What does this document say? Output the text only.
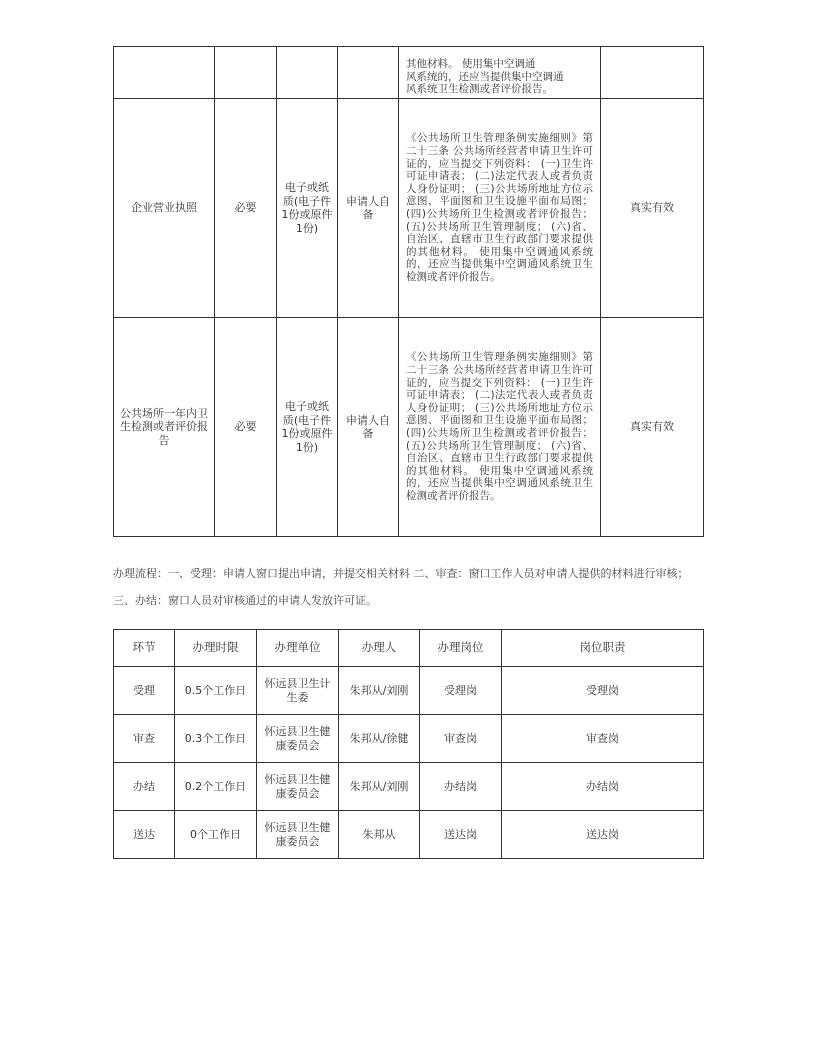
				其他材料。 使用集中空调通
风系统的，还应当提供集中空调通
风系统卫生检测或者评价报告。	

企业营业执照	必要	电子或纸质(电子件1份或原件1份)	申请人自备	《公共场所卫生管理条例实施细则》第二十三条 公共场所经营者申请卫生许可证的，应当提交下列资料： (一)卫生许可证申请表； (二)法定代表人或者负责人身份证明； (三)公共场所地址方位示意图、平面图和卫生设施平面布局图； (四)公共场所卫生检测或者评价报告； (五)公共场所卫生管理制度； (六)省、自治区、直辖市卫生行政部门要求提供的其他材料。 使用集中空调通风系统的，还应当提供集中空调通风系统卫生检测或者评价报告。	真实有效
公共场所一年内卫生检测或者评价报告	必要	电子或纸质(电子件1份或原件1份)	申请人自备	《公共场所卫生管理条例实施细则》第二十三条 公共场所经营者申请卫生许可证的，应当提交下列资料： (一)卫生许可证申请表； (二)法定代表人或者负责人身份证明； (三)公共场所地址方位示意图、平面图和卫生设施平面布局图； (四)公共场所卫生检测或者评价报告； (五)公共场所卫生管理制度； (六)省、自治区、直辖市卫生行政部门要求提供的其他材料。 使用集中空调通风系统的，还应当提供集中空调通风系统卫生检测或者评价报告。	真实有效

办理流程：一、受理：申请人窗口提出申请，并提交相关材料 二、审查：窗口工作人员对申请人提供的材料进行审核； 三、办结：窗口人员对审核通过的申请人发放许可证。

环节	办理时限	办理单位	办理人	办理岗位	岗位职责
受理	0.5个工作日	怀远县卫生计生委	朱邦从/刘刚	受理岗	受理岗
审查	0.3个工作日	怀远县卫生健康委员会	朱邦从/徐健	审查岗	审查岗
办结	0.2个工作日	怀远县卫生健康委员会	朱邦从/刘刚	办结岗	办结岗
送达	0个工作日	怀远县卫生健康委员会	朱邦从	送达岗	送达岗
